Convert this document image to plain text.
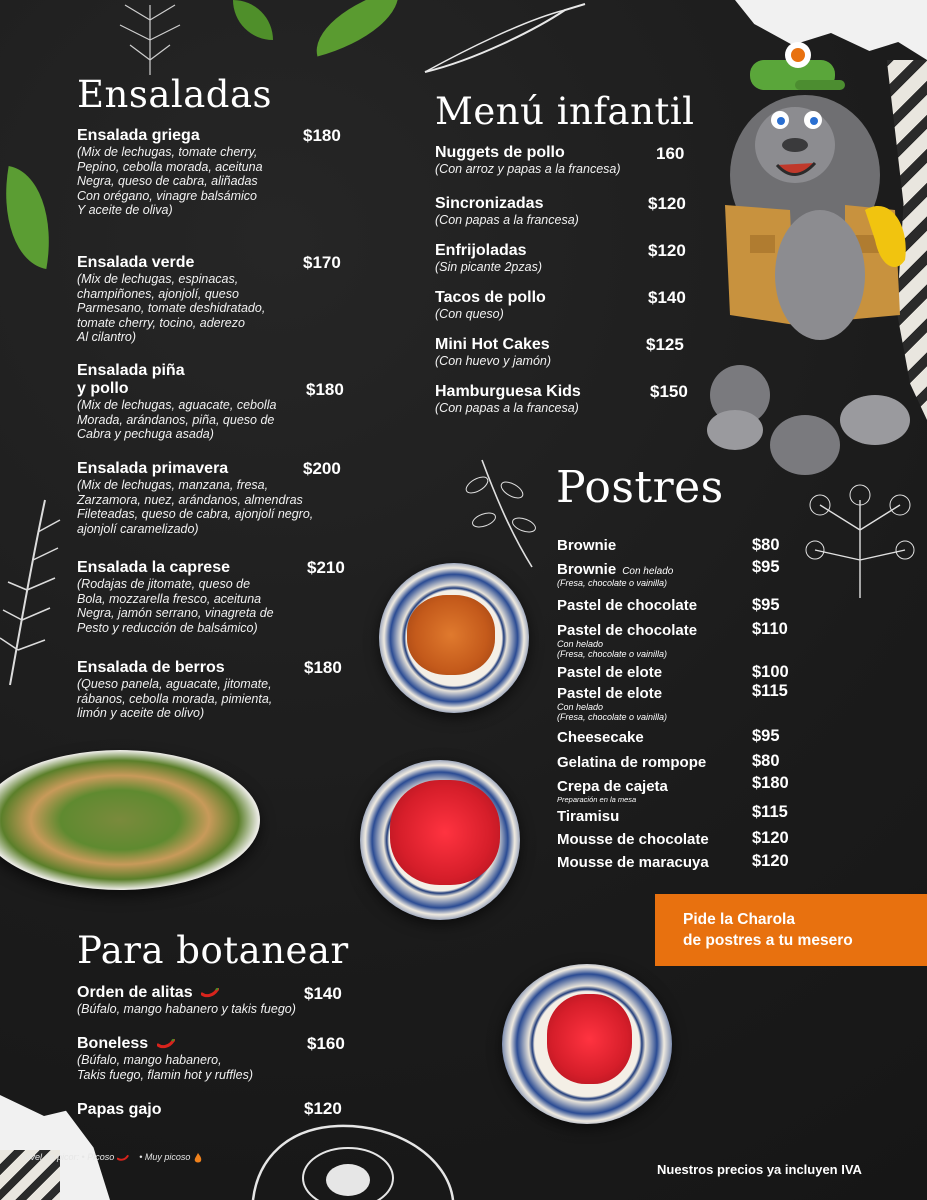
Ensaladas
Ensalada griega
(Mix de lechugas, tomate cherry,
Pepino, cebolla morada, aceituna
Negra, queso de cabra, aliñadas
Con orégano, vinagre balsámico
Y aceite de oliva)
$180
Ensalada verde
(Mix de lechugas, espinacas,
champiñones, ajonjolí, queso
Parmesano, tomate deshidratado,
tomate cherry, tocino, aderezo
Al cilantro)
$170
Ensalada piña
y pollo
(Mix de lechugas, aguacate, cebolla
Morada, arándanos, piña, queso de
Cabra y pechuga asada)
$180
Ensalada primavera
(Mix de lechugas, manzana, fresa,
Zarzamora, nuez, arándanos, almendras
Fileteadas, queso de cabra, ajonjolí negro,
ajonjolí caramelizado)
$200
Ensalada la caprese
(Rodajas de jitomate, queso de
Bola, mozzarella fresco, aceituna
Negra, jamón serrano, vinagreta de
Pesto y reducción de balsámico)
$210
Ensalada de berros
(Queso panela, aguacate, jitomate,
rábanos, cebolla morada, pimienta,
limón y aceite de olivo)
$180
Menú infantil
Nuggets de pollo
(Con arroz y papas a la francesa)
160
Sincronizadas
(Con papas a la francesa)
$120
Enfrijoladas
(Sin picante 2pzas)
$120
Tacos de pollo
(Con queso)
$140
Mini Hot Cakes
(Con huevo y jamón)
$125
Hamburguesa Kids
(Con papas a la francesa)
$150
Postres
Brownie	$80
Brownie Con helado
(Fresa, chocolate o vainilla)
$95
Pastel de chocolate	$95
Pastel de chocolate
Con helado
(Fresa, chocolate o vainilla)
$110
Pastel de elote	$100
Pastel de elote
Con helado
(Fresa, chocolate o vainilla)
$115
Cheesecake	$95
Gelatina de rompope	$80
Crepa de cajeta
Preparación en la mesa
$180
Tiramisu	$115
Mousse de chocolate	$120
Mousse de maracuya	$120
Pide la Charola
de postres a tu mesero
Para botanear
Orden de alitas
(Búfalo, mango habanero y takis fuego)
$140
Boneless
(Búfalo, mango habanero,
Takis fuego, flamin hot y ruffles)
$160
Papas gajo	$120
Nivel de picor: • Picoso	• Muy picoso
Nuestros precios ya incluyen IVA
